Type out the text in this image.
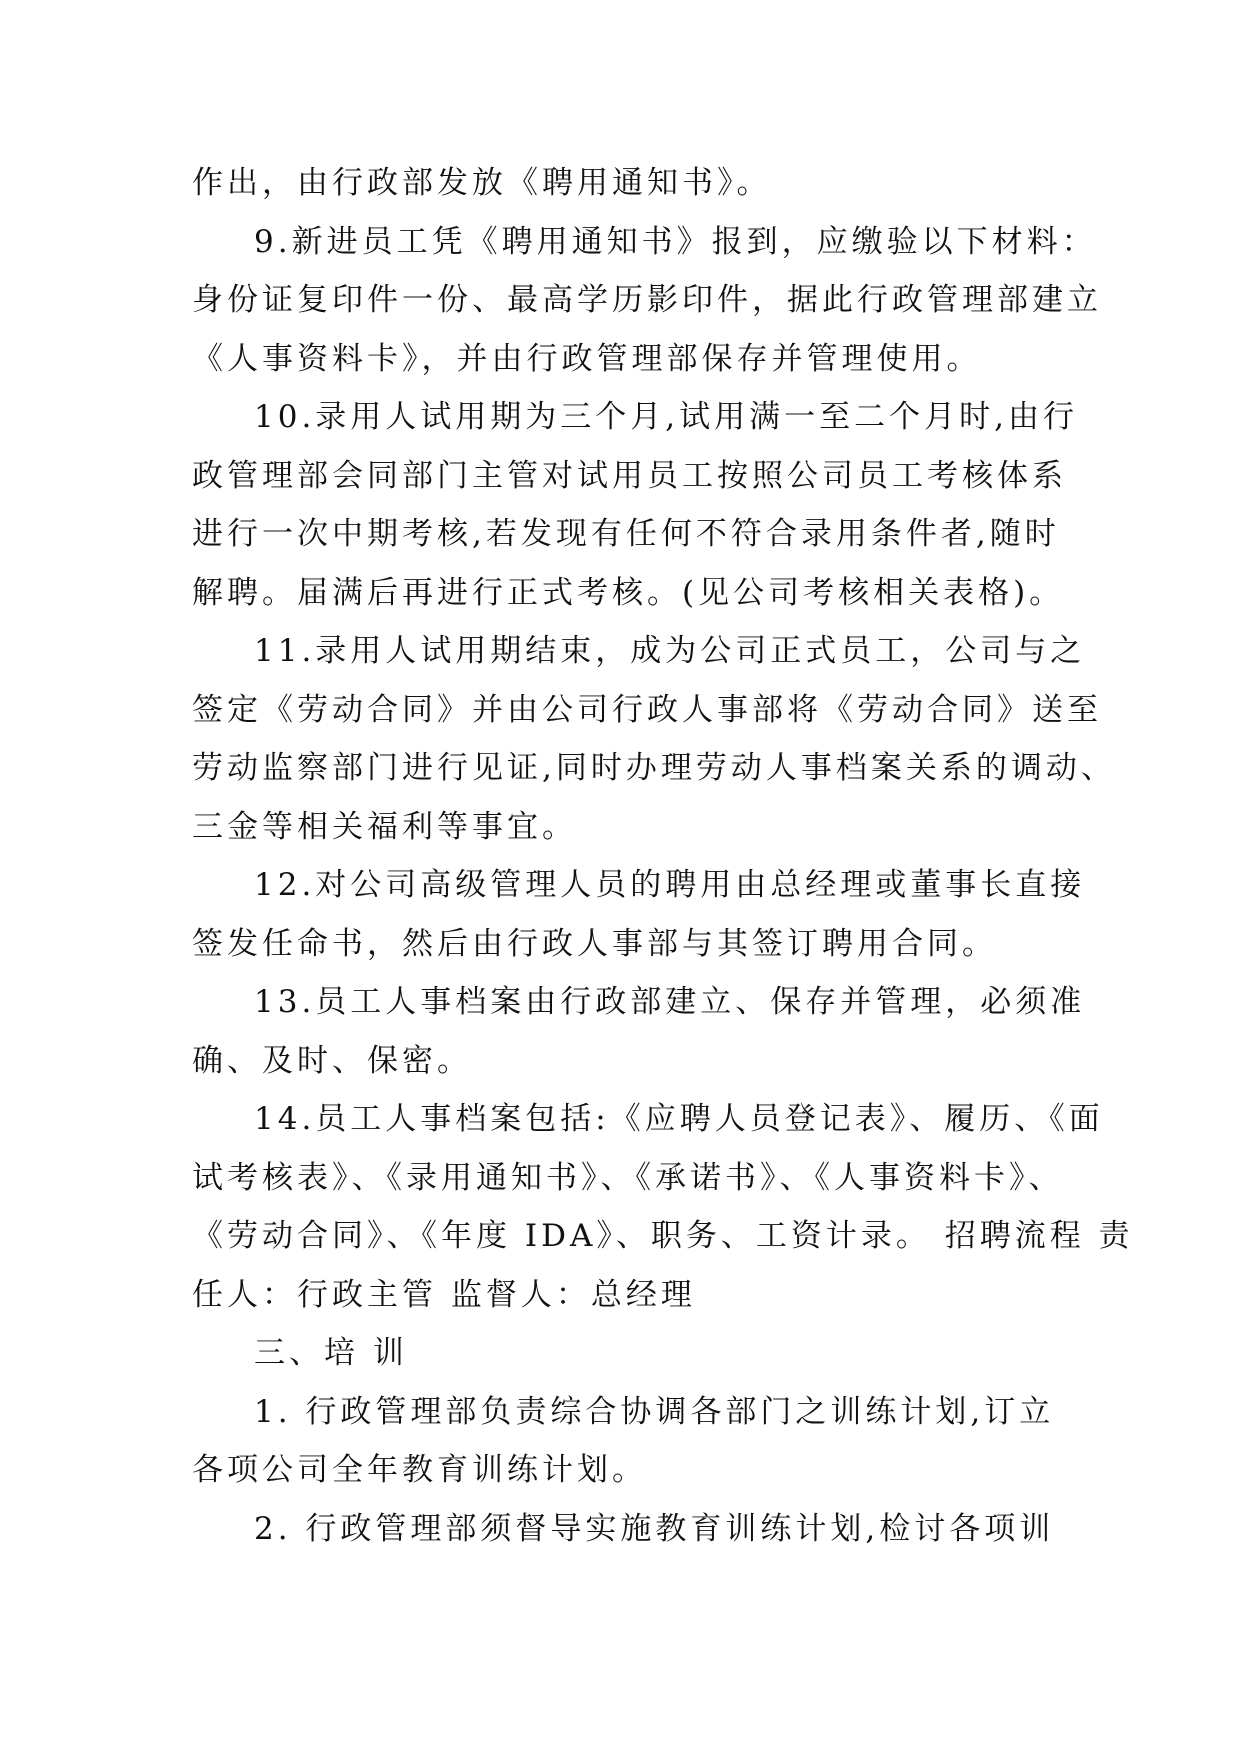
作出，由行政部发放《聘用通知书》。
9.新进员工凭《聘用通知书》报到，应缴验以下材料：
身份证复印件一份、最高学历影印件，据此行政管理部建立
《人事资料卡》，并由行政管理部保存并管理使用。
10.录用人试用期为三个月,试用满一至二个月时,由行
政管理部会同部门主管对试用员工按照公司员工考核体系
进行一次中期考核,若发现有任何不符合录用条件者,随时
解聘。届满后再进行正式考核。(见公司考核相关表格)。
11.录用人试用期结束，成为公司正式员工，公司与之
签定《劳动合同》并由公司行政人事部将《劳动合同》送至
劳动监察部门进行见证,同时办理劳动人事档案关系的调动、
三金等相关福利等事宜。
12.对公司高级管理人员的聘用由总经理或董事长直接
签发任命书，然后由行政人事部与其签订聘用合同。
13.员工人事档案由行政部建立、保存并管理，必须准
确、及时、保密。
14.员工人事档案包括:《应聘人员登记表》、履历、《面
试考核表》、《录用通知书》、《承诺书》、《人事资料卡》、
《劳动合同》、《年度 IDA》、职务、工资计录。 招聘流程 责
任人：行政主管 监督人：总经理
三、培 训
1. 行政管理部负责综合协调各部门之训练计划,订立
各项公司全年教育训练计划。
2. 行政管理部须督导实施教育训练计划,检讨各项训
